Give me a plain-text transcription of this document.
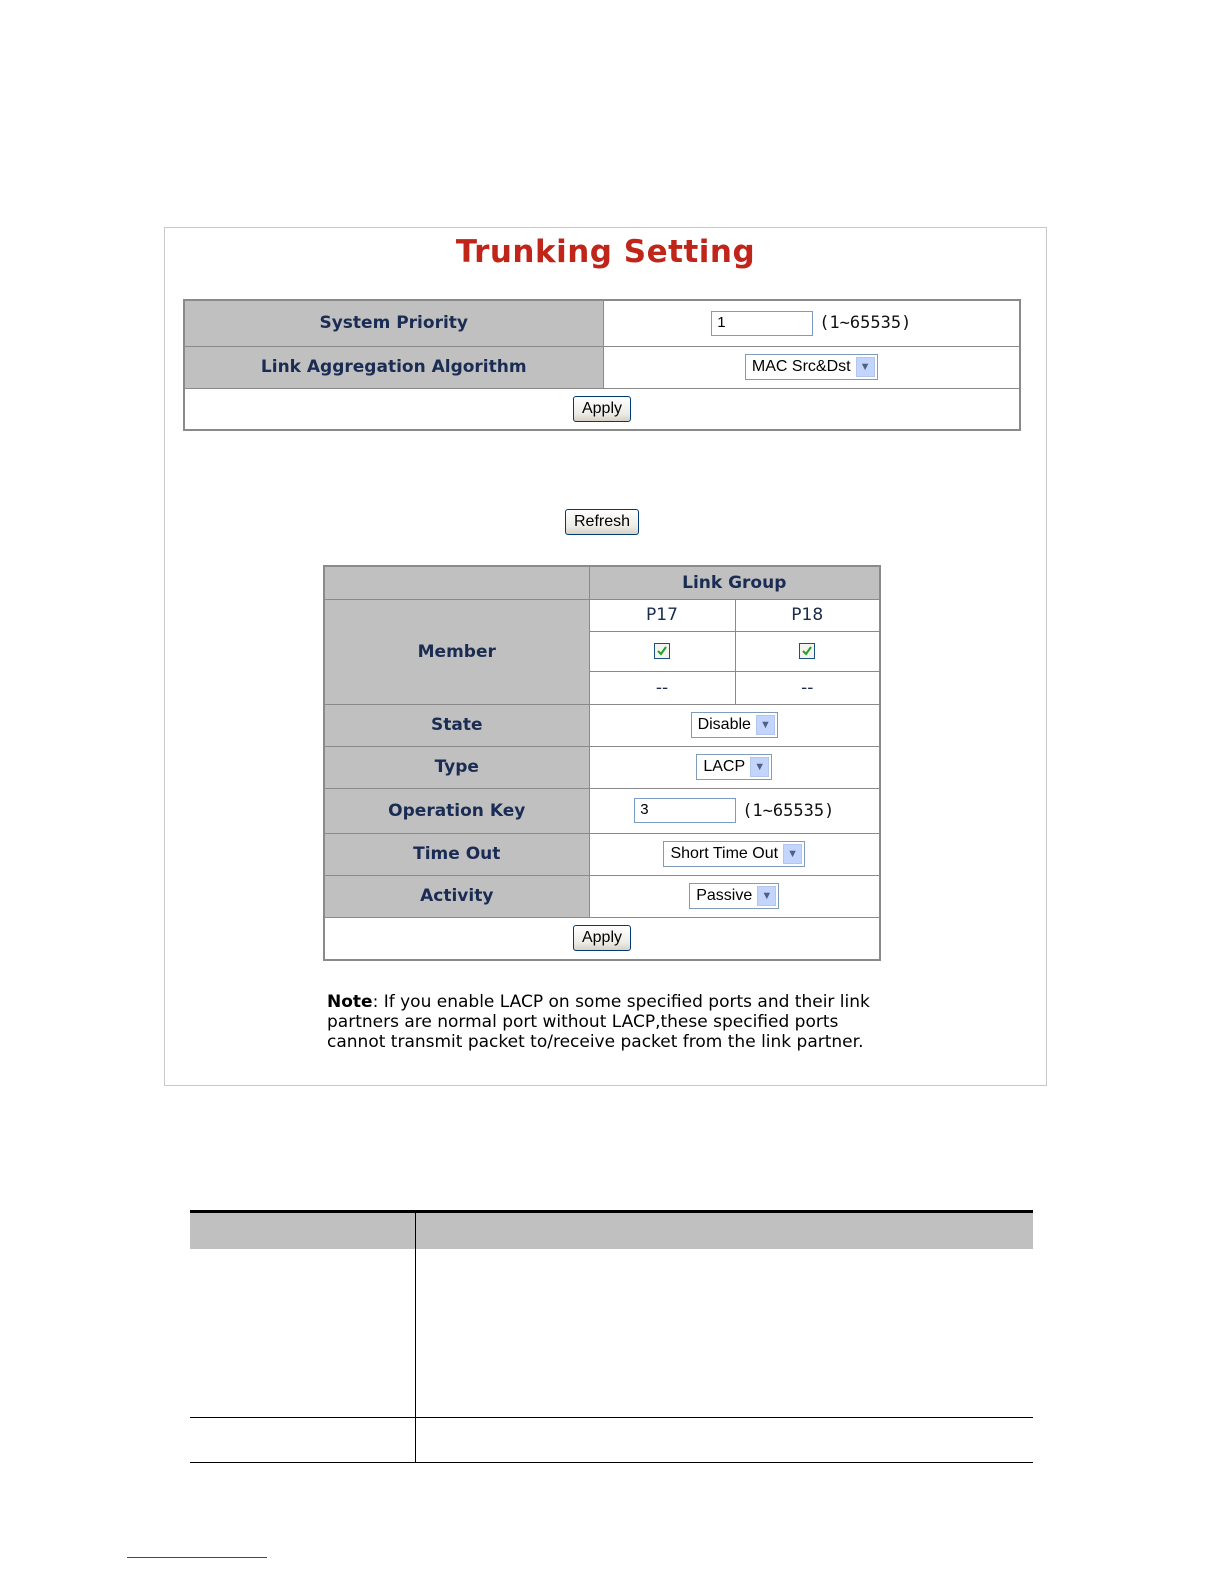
Trunking Setting
System Priority	1 (1~65535)
Link Aggregation Algorithm	MAC Src&Dst ▼

Apply	
Refresh
	Link Group	
Member	P17	P18

	--	--
State	Disable ▼	

Type	LACP ▼	

Operation Key	3 (1~65535)	
Time Out	Short Time Out ▼	

Activity	Passive ▼	

Apply		
Note: If you enable LACP on some specified ports and their link partners are normal port without LACP,these specified ports cannot transmit packet to/receive packet from the link partner.
